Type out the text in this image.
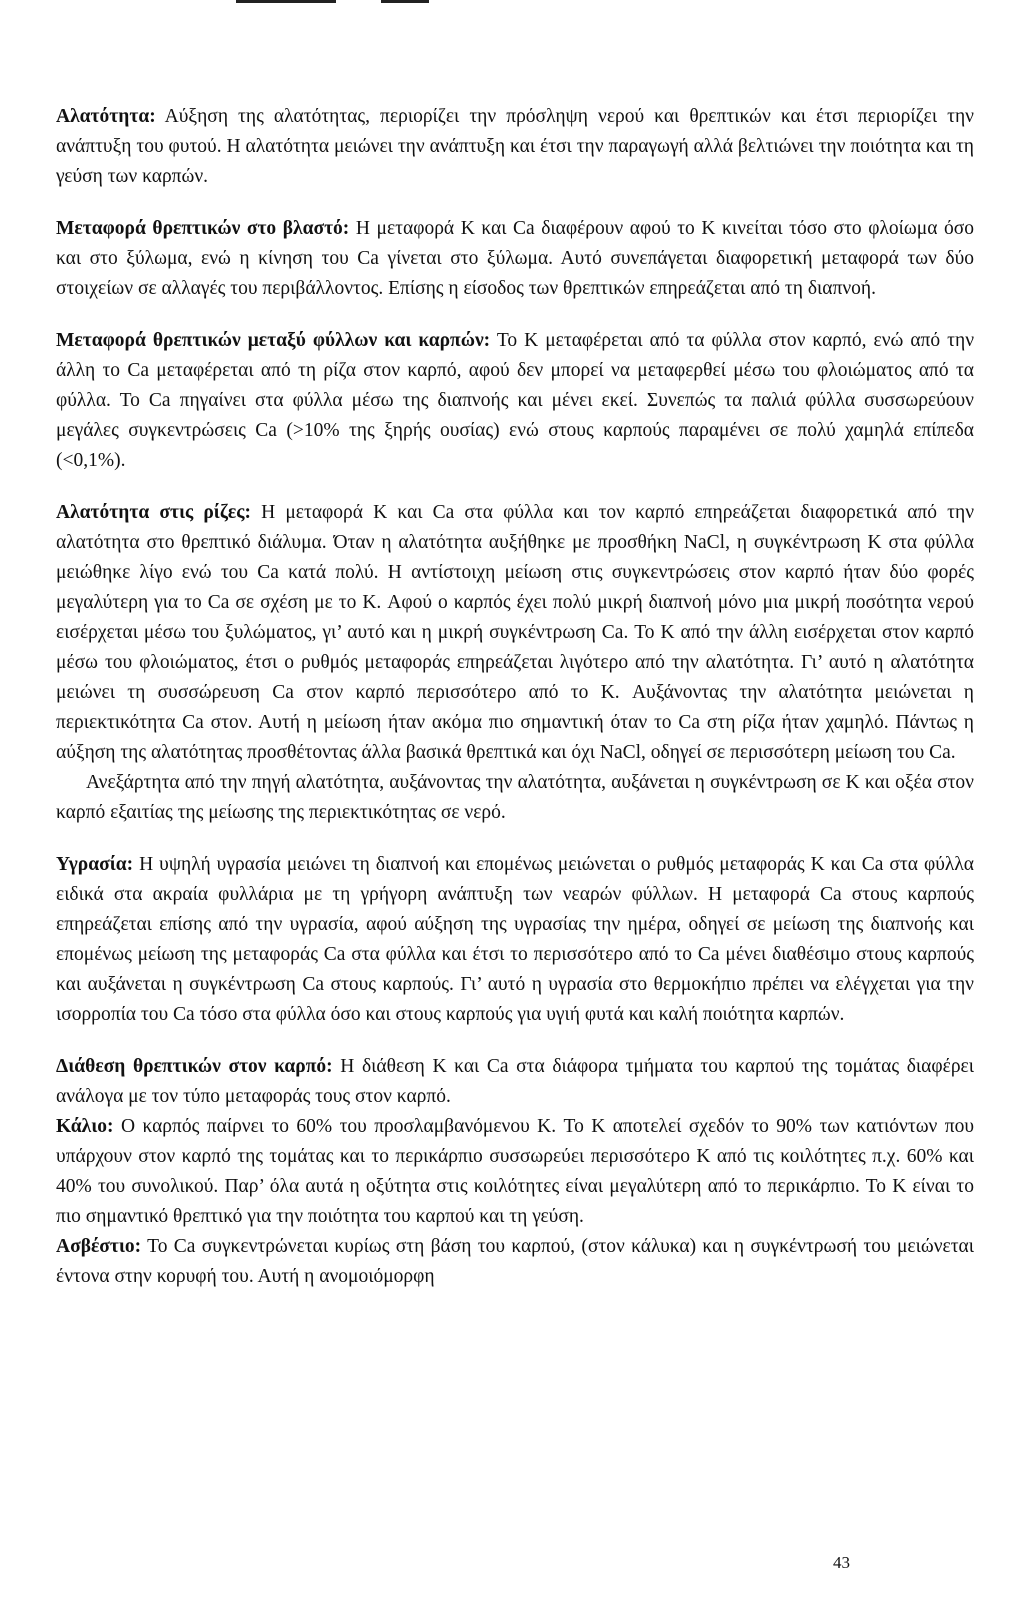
Αλατότητα: Αύξηση της αλατότητας, περιορίζει την πρόσληψη νερού και θρεπτικών και έτσι περιορίζει την ανάπτυξη του φυτού. Η αλατότητα μειώνει την ανάπτυξη και έτσι την παραγωγή αλλά βελτιώνει την ποιότητα και τη γεύση των καρπών.

Μεταφορά θρεπτικών στο βλαστό: Η μεταφορά K και Ca διαφέρουν αφού το K κινείται τόσο στο φλοίωμα όσο και στο ξύλωμα, ενώ η κίνηση του Ca γίνεται στο ξύλωμα. Αυτό συνεπάγεται διαφορετική μεταφορά των δύο στοιχείων σε αλλαγές του περιβάλλοντος. Επίσης η είσοδος των θρεπτικών επηρεάζεται από τη διαπνοή.

Μεταφορά θρεπτικών μεταξύ φύλλων και καρπών: Το K μεταφέρεται από τα φύλλα στον καρπό, ενώ από την άλλη το Ca μεταφέρεται από τη ρίζα στον καρπό, αφού δεν μπορεί να μεταφερθεί μέσω του φλοιώματος από τα φύλλα. Το Ca πηγαίνει στα φύλλα μέσω της διαπνοής και μένει εκεί. Συνεπώς τα παλιά φύλλα συσσωρεύουν μεγάλες συγκεντρώσεις Ca (>10% της ξηρής ουσίας) ενώ στους καρπούς παραμένει σε πολύ χαμηλά επίπεδα (<0,1%).

Αλατότητα στις ρίζες: Η μεταφορά K και Ca στα φύλλα και τον καρπό επηρεάζεται διαφορετικά από την αλατότητα στο θρεπτικό διάλυμα. Όταν η αλατότητα αυξήθηκε με προσθήκη NaCl, η συγκέντρωση K στα φύλλα μειώθηκε λίγο ενώ του Ca κατά πολύ. Η αντίστοιχη μείωση στις συγκεντρώσεις στον καρπό ήταν δύο φορές μεγαλύτερη για το Ca σε σχέση με το K. Αφού ο καρπός έχει πολύ μικρή διαπνοή μόνο μια μικρή ποσότητα νερού εισέρχεται μέσω του ξυλώματος, γι’ αυτό και η μικρή συγκέντρωση Ca. Το K από την άλλη εισέρχεται στον καρπό μέσω του φλοιώματος, έτσι ο ρυθμός μεταφοράς επηρεάζεται λιγότερο από την αλατότητα. Γι’ αυτό η αλατότητα μειώνει τη συσσώρευση Ca στον καρπό περισσότερο από το K. Αυξάνοντας την αλατότητα μειώνεται η περιεκτικότητα Ca στον. Αυτή η μείωση ήταν ακόμα πιο σημαντική όταν το Ca στη ρίζα ήταν χαμηλό. Πάντως η αύξηση της αλατότητας προσθέτοντας άλλα βασικά θρεπτικά και όχι NaCl, οδηγεί σε περισσότερη μείωση του Ca.

Ανεξάρτητα από την πηγή αλατότητα, αυξάνοντας την αλατότητα, αυξάνεται η συγκέντρωση σε K και οξέα στον καρπό εξαιτίας της μείωσης της περιεκτικότητας σε νερό.

Υγρασία: Η υψηλή υγρασία μειώνει τη διαπνοή και επομένως μειώνεται ο ρυθμός μεταφοράς K και Ca στα φύλλα ειδικά στα ακραία φυλλάρια με τη γρήγορη ανάπτυξη των νεαρών φύλλων. Η μεταφορά Ca στους καρπούς επηρεάζεται επίσης από την υγρασία, αφού αύξηση της υγρασίας την ημέρα, οδηγεί σε μείωση της διαπνοής και επομένως μείωση της μεταφοράς Ca στα φύλλα και έτσι το περισσότερο από το Ca μένει διαθέσιμο στους καρπούς και αυξάνεται η συγκέντρωση Ca στους καρπούς. Γι’ αυτό η υγρασία στο θερμοκήπιο πρέπει να ελέγχεται για την ισορροπία του Ca τόσο στα φύλλα όσο και στους καρπούς για υγιή φυτά και καλή ποιότητα καρπών.

Διάθεση θρεπτικών στον καρπό: Η διάθεση K και Ca στα διάφορα τμήματα του καρπού της τομάτας διαφέρει ανάλογα με τον τύπο μεταφοράς τους στον καρπό.

Κάλιο: Ο καρπός παίρνει το 60% του προσλαμβανόμενου K. Το K αποτελεί σχεδόν το 90% των κατιόντων που υπάρχουν στον καρπό της τομάτας και το περικάρπιο συσσωρεύει περισσότερο K από τις κοιλότητες π.χ. 60% και 40% του συνολικού. Παρ’ όλα αυτά η οξύτητα στις κοιλότητες είναι μεγαλύτερη από το περικάρπιο. Το K είναι το πιο σημαντικό θρεπτικό για την ποιότητα του καρπού και τη γεύση.

Ασβέστιο: Το Ca συγκεντρώνεται κυρίως στη βάση του καρπού, (στον κάλυκα) και η συγκέντρωσή του μειώνεται έντονα στην κορυφή του. Αυτή η ανομοιόμορφη

43
